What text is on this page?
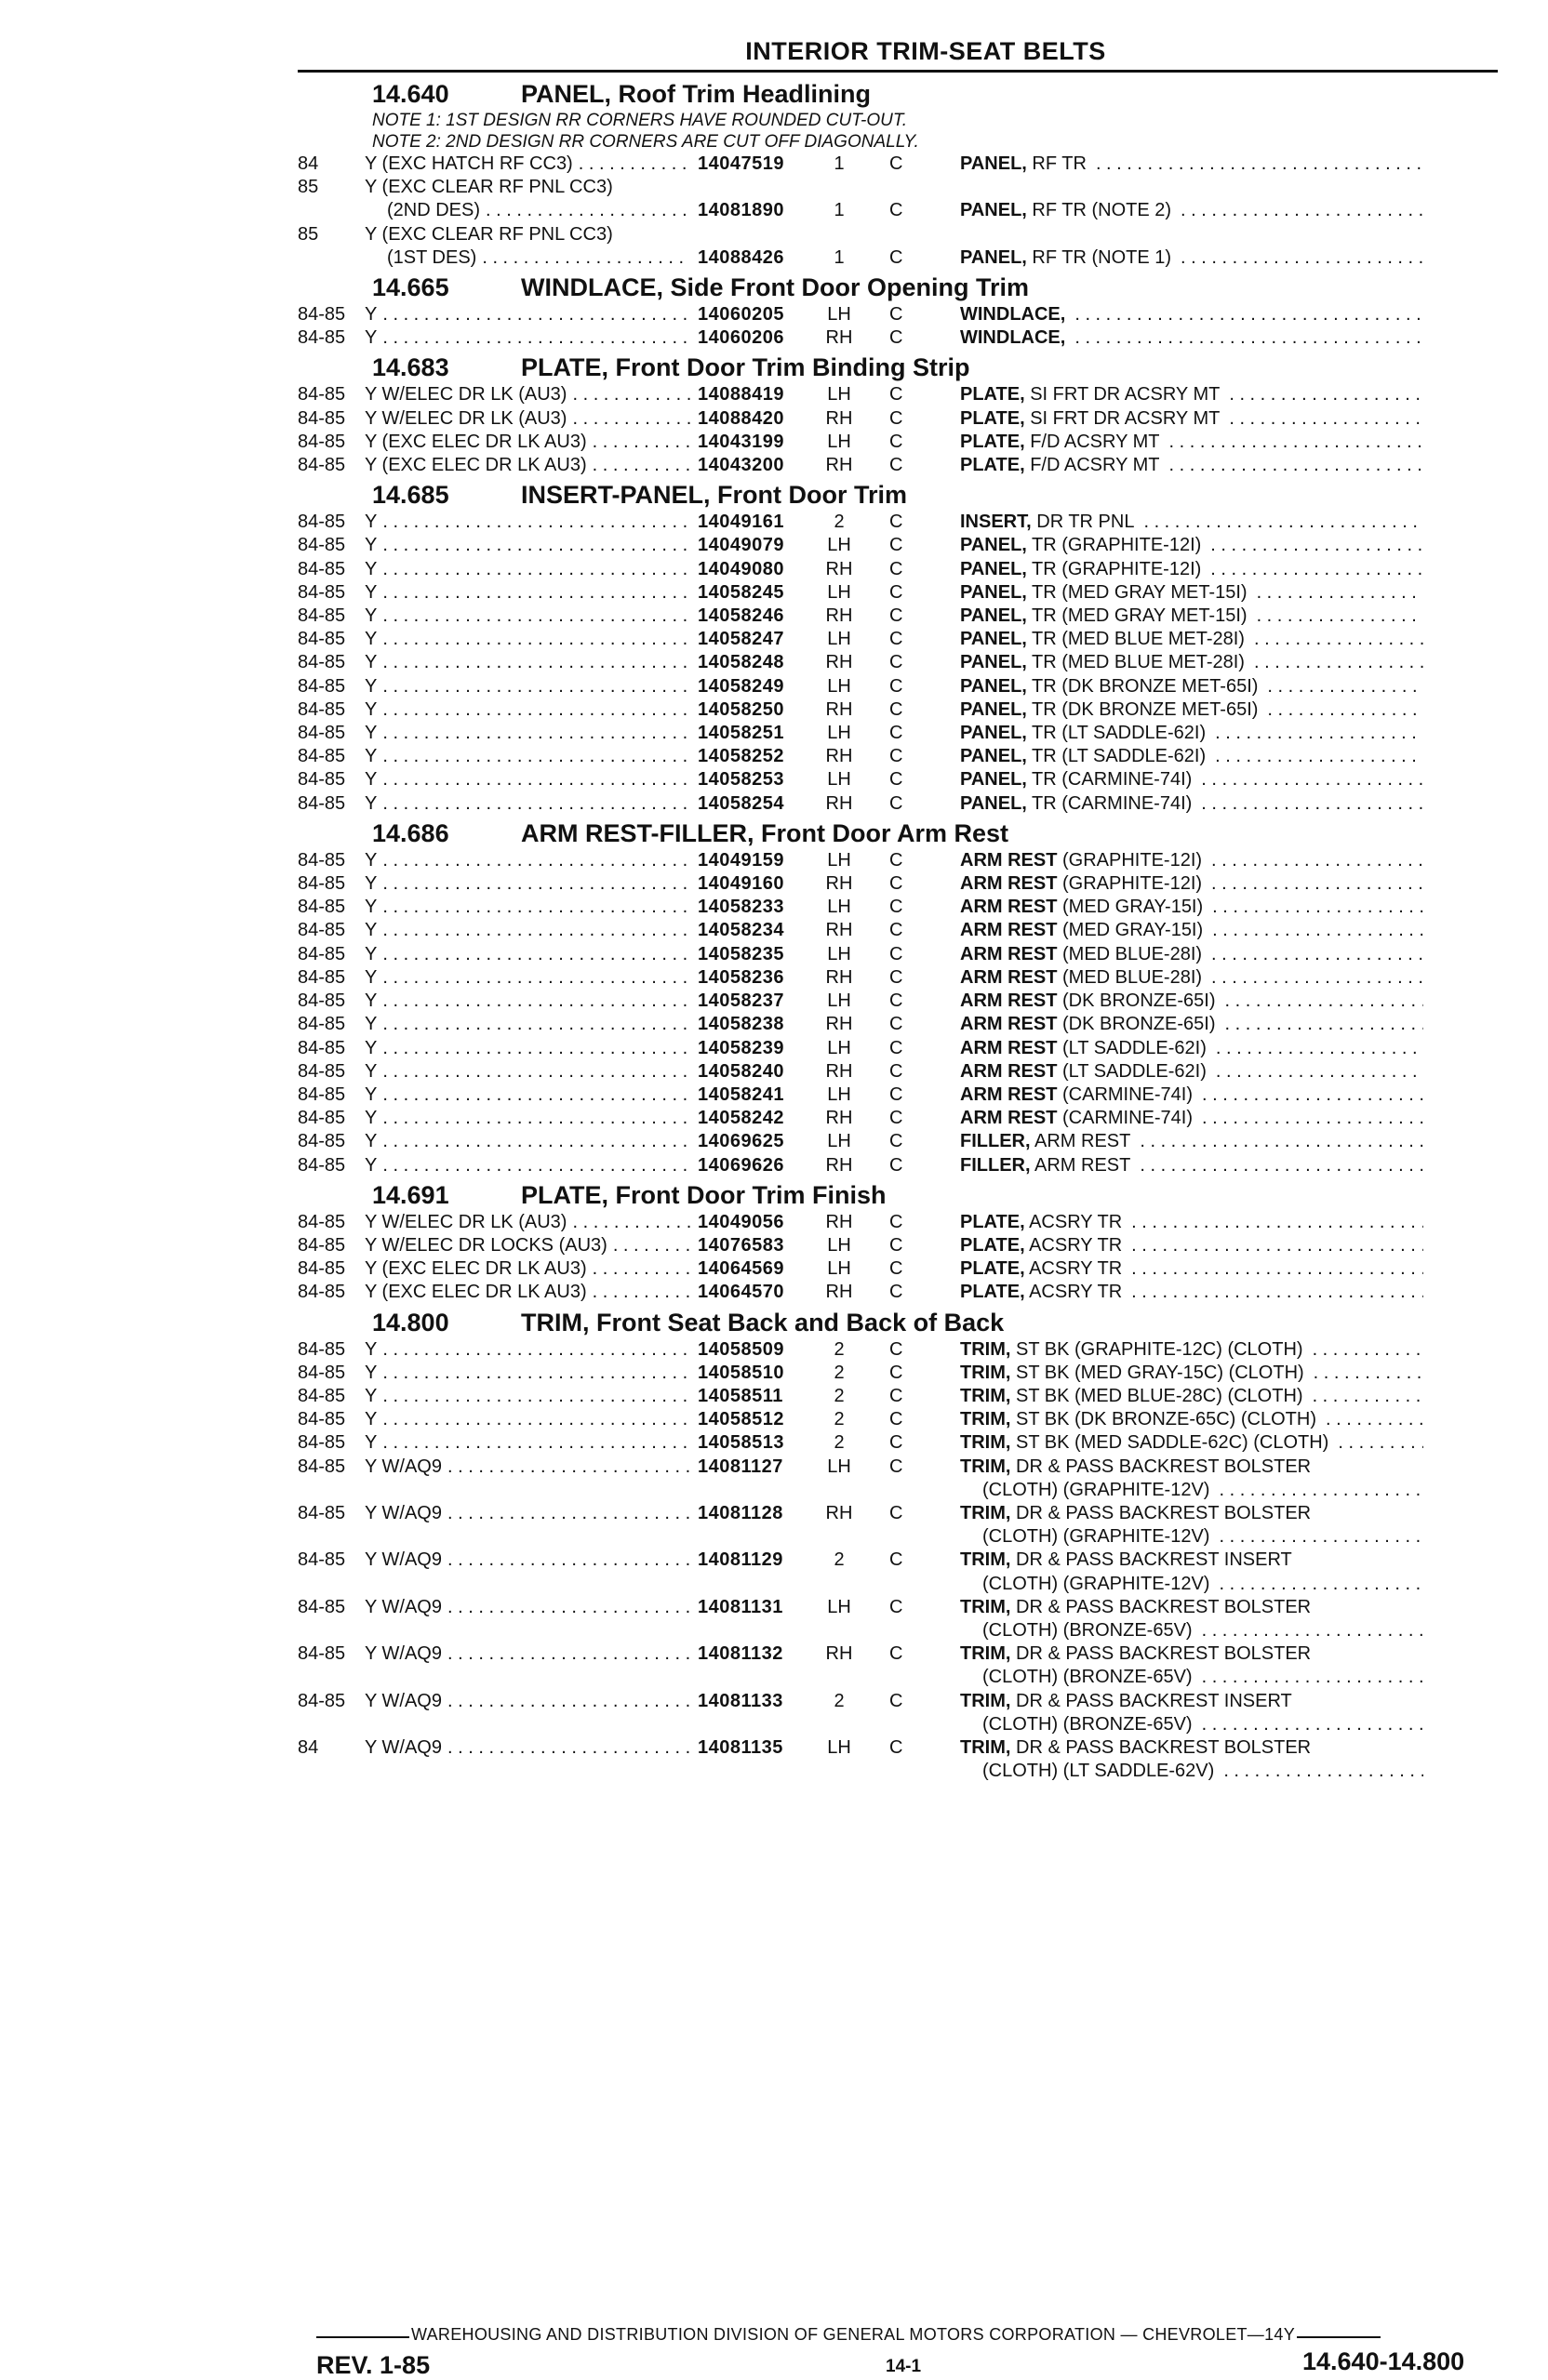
INTERIOR TRIM-SEAT BELTS
14.640	PANEL, Roof Trim Headlining
NOTE 1: 1ST DESIGN RR CORNERS HAVE ROUNDED CUT-OUT.
NOTE 2: 2ND DESIGN RR CORNERS ARE CUT OFF DIAGONALLY.
84	Y (EXC HATCH RF CC3) . . .	14047519	1	C	PANEL, RF TR
. . .
85	Y (EXC CLEAR RF PNL CC3)
(2ND DES) . . .	14081890	1	C	PANEL, RF TR (NOTE 2)
. . .
85	Y (EXC CLEAR RF PNL CC3)
(1ST DES) . . .	14088426	1	C	PANEL, RF TR (NOTE 1)
. . .
14.665	WINDLACE, Side Front Door Opening Trim
84-85	Y . . .	14060205	LH	C	WINDLACE,
. . .
84-85	Y . . .	14060206	RH	C	WINDLACE,
. . .
14.683	PLATE, Front Door Trim Binding Strip
84-85	Y W/ELEC DR LK (AU3) . . .	14088419	LH	C	PLATE, SI FRT DR ACSRY MT
. . .
84-85	Y W/ELEC DR LK (AU3) . . .	14088420	RH	C	PLATE, SI FRT DR ACSRY MT
. . .
84-85	Y (EXC ELEC DR LK AU3) . . .	14043199	LH	C	PLATE, F/D ACSRY MT
. . .
84-85	Y (EXC ELEC DR LK AU3) . . .	14043200	RH	C	PLATE, F/D ACSRY MT
. . .
14.685	INSERT-PANEL, Front Door Trim
84-85	Y . . .	14049161	2	C	INSERT, DR TR PNL
. . .
84-85	Y . . .	14049079	LH	C	PANEL, TR (GRAPHITE-12I)
. . .
84-85	Y . . .	14049080	RH	C	PANEL, TR (GRAPHITE-12I)
. . .
84-85	Y . . .	14058245	LH	C	PANEL, TR (MED GRAY MET-15I)
. . .
84-85	Y . . .	14058246	RH	C	PANEL, TR (MED GRAY MET-15I)
. . .
84-85	Y . . .	14058247	LH	C	PANEL, TR (MED BLUE MET-28I)
. . .
84-85	Y . . .	14058248	RH	C	PANEL, TR (MED BLUE MET-28I)
. . .
84-85	Y . . .	14058249	LH	C	PANEL, TR (DK BRONZE MET-65I)
. . .
84-85	Y . . .	14058250	RH	C	PANEL, TR (DK BRONZE MET-65I)
. . .
84-85	Y . . .	14058251	LH	C	PANEL, TR (LT SADDLE-62I)
. . .
84-85	Y . . .	14058252	RH	C	PANEL, TR (LT SADDLE-62I)
. . .
84-85	Y . . .	14058253	LH	C	PANEL, TR (CARMINE-74I)
. . .
84-85	Y . . .	14058254	RH	C	PANEL, TR (CARMINE-74I)
. . .
14.686	ARM REST-FILLER, Front Door Arm Rest
84-85	Y . . .	14049159	LH	C	ARM REST (GRAPHITE-12I)
. . .
84-85	Y . . .	14049160	RH	C	ARM REST (GRAPHITE-12I)
. . .
84-85	Y . . .	14058233	LH	C	ARM REST (MED GRAY-15I)
. . .
84-85	Y . . .	14058234	RH	C	ARM REST (MED GRAY-15I)
. . .
84-85	Y . . .	14058235	LH	C	ARM REST (MED BLUE-28I)
. . .
84-85	Y . . .	14058236	RH	C	ARM REST (MED BLUE-28I)
. . .
84-85	Y . . .	14058237	LH	C	ARM REST (DK BRONZE-65I)
. . .
84-85	Y . . .	14058238	RH	C	ARM REST (DK BRONZE-65I)
. . .
84-85	Y . . .	14058239	LH	C	ARM REST (LT SADDLE-62I)
. . .
84-85	Y . . .	14058240	RH	C	ARM REST (LT SADDLE-62I)
. . .
84-85	Y . . .	14058241	LH	C	ARM REST (CARMINE-74I)
. . .
84-85	Y . . .	14058242	RH	C	ARM REST (CARMINE-74I)
. . .
84-85	Y . . .	14069625	LH	C	FILLER, ARM REST
. . .
84-85	Y . . .	14069626	RH	C	FILLER, ARM REST
. . .
14.691	PLATE, Front Door Trim Finish
84-85	Y W/ELEC DR LK (AU3) . . .	14049056	RH	C	PLATE, ACSRY TR
. . .
84-85	Y W/ELEC DR LOCKS (AU3) . . .	14076583	LH	C	PLATE, ACSRY TR
. . .
84-85	Y (EXC ELEC DR LK AU3) . . .	14064569	LH	C	PLATE, ACSRY TR
. . .
84-85	Y (EXC ELEC DR LK AU3) . . .	14064570	RH	C	PLATE, ACSRY TR
. . .
14.800	TRIM, Front Seat Back and Back of Back
84-85	Y . . .	14058509	2	C	TRIM, ST BK (GRAPHITE-12C) (CLOTH)
. . .
84-85	Y . . .	14058510	2	C	TRIM, ST BK (MED GRAY-15C) (CLOTH)
. . .
84-85	Y . . .	14058511	2	C	TRIM, ST BK (MED BLUE-28C) (CLOTH)
. . .
84-85	Y . . .	14058512	2	C	TRIM, ST BK (DK BRONZE-65C) (CLOTH)
. . .
84-85	Y . . .	14058513	2	C	TRIM, ST BK (MED SADDLE-62C) (CLOTH)
. . .
84-85	Y W/AQ9 . . .	14081127	LH	C	TRIM, DR & PASS BACKREST BOLSTER
(CLOTH) (GRAPHITE-12V)
. . .
84-85	Y W/AQ9 . . .	14081128	RH	C	TRIM, DR & PASS BACKREST BOLSTER
(CLOTH) (GRAPHITE-12V)
. . .
84-85	Y W/AQ9 . . .	14081129	2	C	TRIM, DR & PASS BACKREST INSERT
(CLOTH) (GRAPHITE-12V)
. . .
84-85	Y W/AQ9 . . .	14081131	LH	C	TRIM, DR & PASS BACKREST BOLSTER
(CLOTH) (BRONZE-65V)
. . .
84-85	Y W/AQ9 . . .	14081132	RH	C	TRIM, DR & PASS BACKREST BOLSTER
(CLOTH) (BRONZE-65V)
. . .
84-85	Y W/AQ9 . . .	14081133	2	C	TRIM, DR & PASS BACKREST INSERT
(CLOTH) (BRONZE-65V)
. . .
84	Y W/AQ9 . . .	14081135	LH	C	TRIM, DR & PASS BACKREST BOLSTER
(CLOTH) (LT SADDLE-62V)
. . .
WAREHOUSING AND DISTRIBUTION DIVISION OF GENERAL MOTORS CORPORATION — CHEVROLET—14Y
REV. 1-85	14-1	14.640-14.800
